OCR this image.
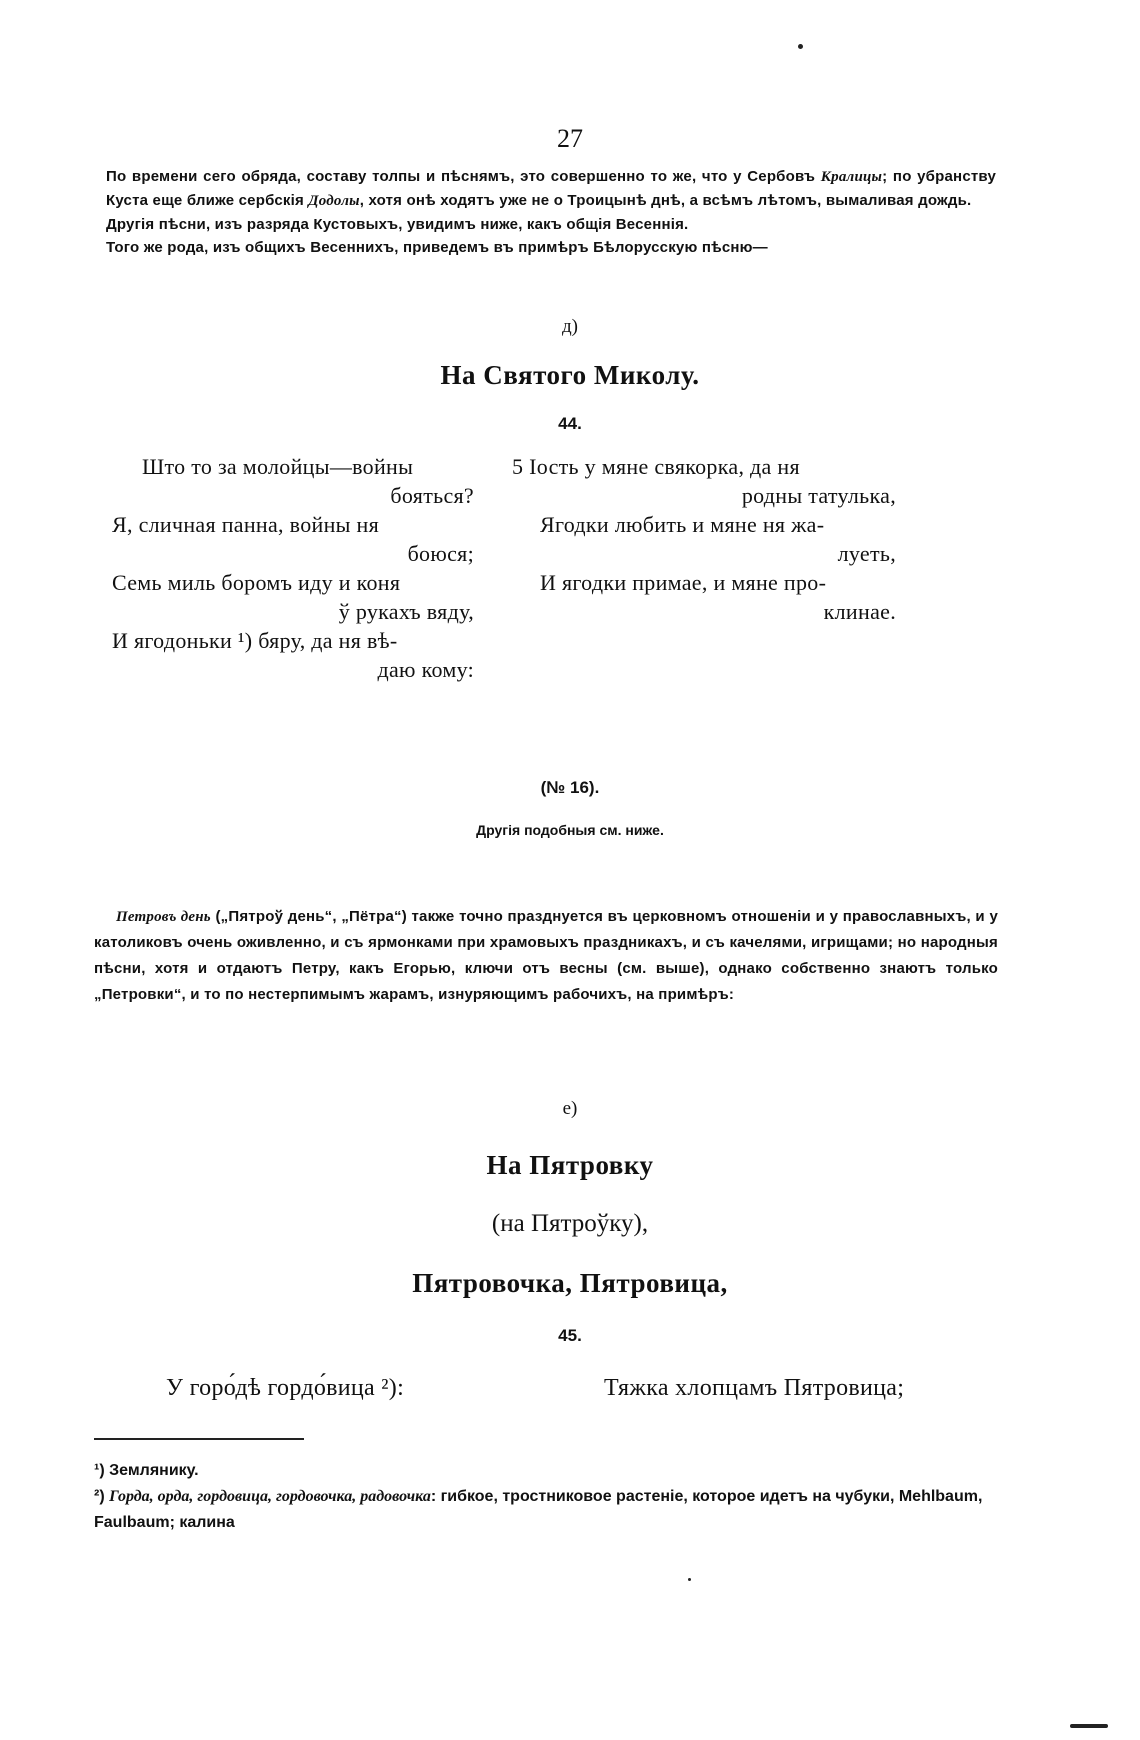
27

По времени сего обряда, составу толпы и пѣснямъ, это совершенно то же, что у Сербовъ Кралицы; по убранству Куста еще ближе сербскія Додолы, хотя онѣ ходятъ уже не о Троицынѣ днѣ, а всѣмъ лѣтомъ, вымаливая дождь.

Другія пѣсни, изъ разряда Кустовыхъ, увидимъ ниже, какъ общія Весеннія.

Того же рода, изъ общихъ Весеннихъ, приведемъ въ примѣръ Бѣлорусскую пѣсню—

д)
На Святого Миколу.
44.
Што то за молойцы—войны
бояться?
Я, сличная панна, войны ня
боюся;
Семь миль боромъ иду и коня
ў рукахъ вяду,
И ягодоньки ¹) бяру, да ня вѣ-
даю кому:
5 Іость у мяне свякорка, да ня
родны татулька,
Ягодки любить и мяне ня жа-
луеть,
И ягодки примае, и мяне про-
клинае.
(№ 16).
Другія подобныя см. ниже.

Петровъ день („Пятроў день“, „Пётра“) также точно празднуется въ церковномъ отношеніи и у православныхъ, и у католиковъ очень оживленно, и съ ярмонками при храмовыхъ праздникахъ, и съ качелями, игрищами; но народныя пѣсни, хотя и отдаютъ Петру, какъ Егорью, ключи отъ весны (см. выше), однако собственно знаютъ только „Петровки“, и то по нестерпимымъ жарамъ, изнуряющимъ рабочихъ, на примѣръ:

е)
На Пятровку
(на Пятроўку),
Пятровочка, Пятровица,
45.
У горо́дѣ гордо́вица ²):	Тяжка хлопцамъ Пятровица;
¹) Землянику.
²) Горда, орда, гордовица, гордовочка, радовочка: гибкое, тростниковое растеніе, которое идетъ на чубуки, Mehlbaum, Faulbaum; калина
